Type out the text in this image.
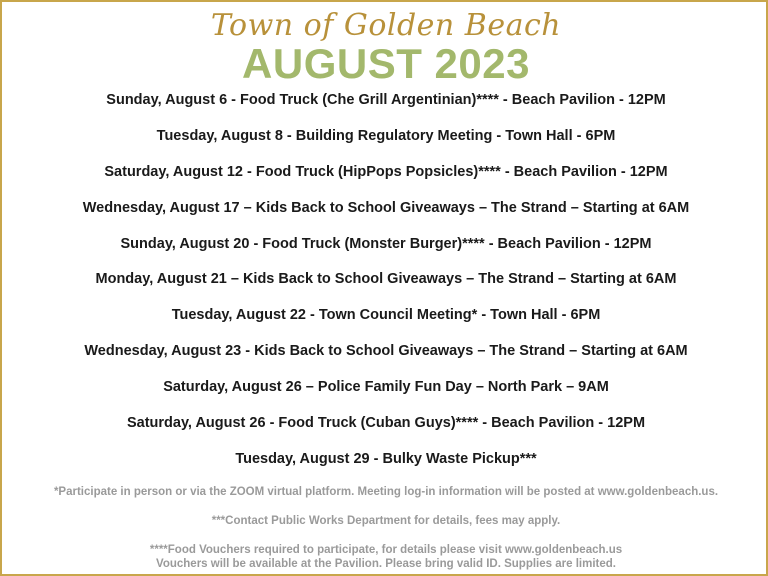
Town of Golden Beach
AUGUST 2023
Sunday, August 6 - Food Truck (Che Grill Argentinian)**** - Beach Pavilion - 12PM
Tuesday, August 8 - Building Regulatory Meeting - Town Hall - 6PM
Saturday, August 12 - Food Truck (HipPops Popsicles)**** - Beach Pavilion - 12PM
Wednesday, August 17 – Kids Back to School Giveaways – The Strand – Starting at 6AM
Sunday, August 20 - Food Truck (Monster Burger)**** - Beach Pavilion - 12PM
Monday, August 21 – Kids Back to School Giveaways – The Strand – Starting at 6AM
Tuesday, August 22 - Town Council Meeting* - Town Hall - 6PM
Wednesday, August 23 - Kids Back to School Giveaways – The Strand – Starting at 6AM
Saturday, August 26 – Police Family Fun Day – North Park – 9AM
Saturday, August 26 - Food Truck (Cuban Guys)**** - Beach Pavilion - 12PM
Tuesday, August 29 - Bulky Waste Pickup***
*Participate in person or via the ZOOM virtual platform. Meeting log-in information will be posted at www.goldenbeach.us.
***Contact Public Works Department for details, fees may apply.
****Food Vouchers required to participate, for details please visit www.goldenbeach.us
Vouchers will be available at the Pavilion. Please bring valid ID. Supplies are limited.
